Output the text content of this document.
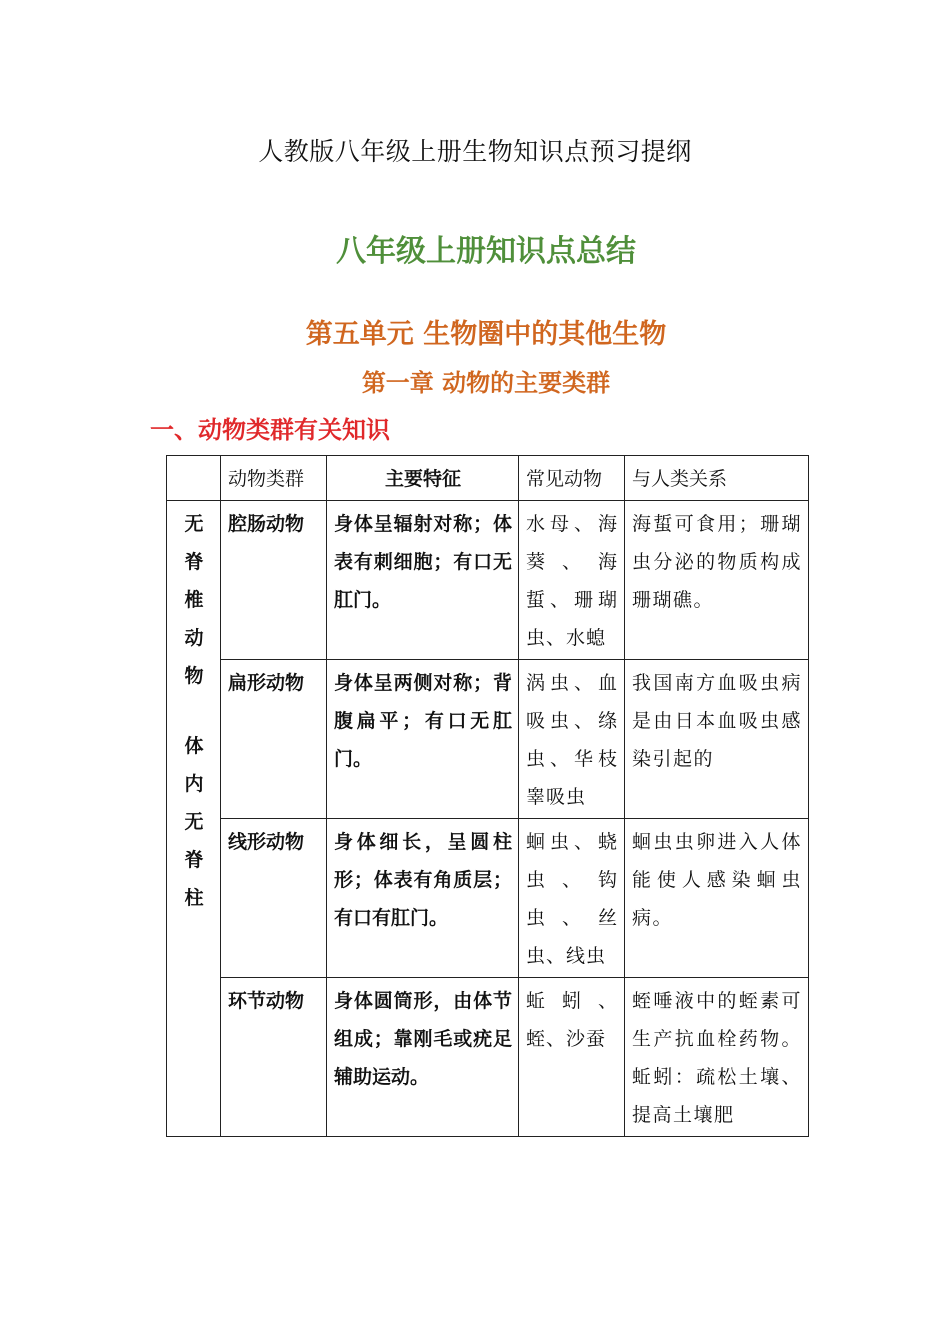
人教版八年级上册生物知识点预习提纲
八年级上册知识点总结
第五单元 生物圈中的其他生物
第一章 动物的主要类群
一、动物类群有关知识
	动物类群	主要特征	常见动物	与人类关系
无脊椎动物
体内无脊柱	腔肠动物	身体呈辐射对称；体表有刺细胞；有口无肛门。	水母、海葵、海蜇、珊瑚虫、水螅	海蜇可食用；珊瑚虫分泌的物质构成珊瑚礁。
	扁形动物	身体呈两侧对称；背腹扁平；有口无肛门。	涡虫、血吸虫、绦虫、华枝睾吸虫	我国南方血吸虫病是由日本血吸虫感染引起的
	线形动物	身体细长，呈圆柱形；体表有角质层；有口有肛门。	蛔虫、蛲虫、钩虫、丝虫、线虫	蛔虫虫卵进入人体能使人感染蛔虫病。
	环节动物	身体圆筒形，由体节组成；靠刚毛或疣足辅助运动。	蚯蚓、蛭、沙蚕	蛭唾液中的蛭素可生产抗血栓药物。蚯蚓：疏松土壤、提高土壤肥
